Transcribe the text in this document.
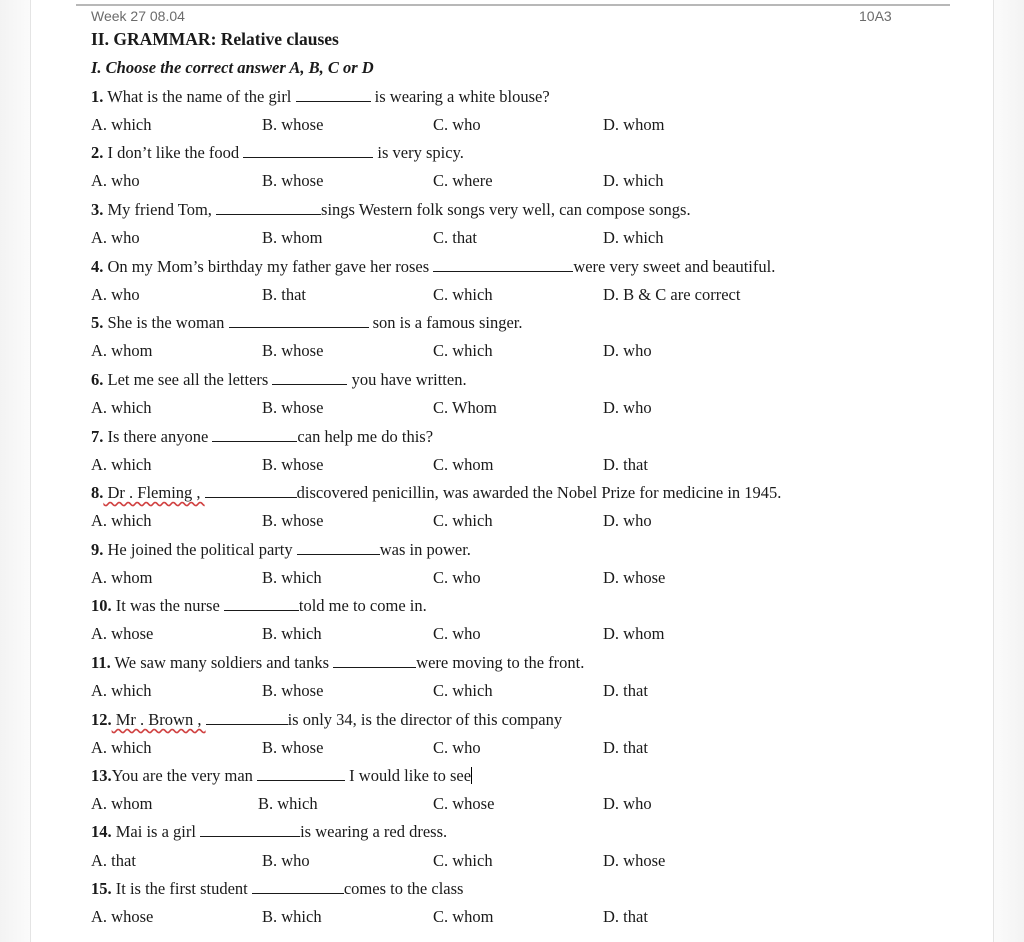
Week 27 08.04	10A3
II. GRAMMAR: Relative clauses
I. Choose the correct answer A, B, C or D
1. What is the name of the girl	is wearing a white blouse?
A. which	B. whose	C. who	D. whom
2. I don’t like the food	is very spicy.
A. who	B. whose	C. where	D. which
3. My friend Tom,	sings Western folk songs very well, can compose songs.
A. who	B. whom	C. that	D. which
4. On my Mom’s birthday my father gave her roses	were very sweet and beautiful.
A. who	B. that	C. which	D. B & C are correct
5. She is the woman	son is a famous singer.
A. whom	B. whose	C. which	D. who
6. Let me see all the letters	you have written.
A. which	B. whose	C. Whom	D. who
7. Is there anyone	can help me do this?
A. which	B. whose	C. whom	D. that
8. Dr . Fleming ,	discovered penicillin, was awarded the Nobel Prize for medicine in 1945.
A. which	B. whose	C. which	D. who
9. He joined the political party	was in power.
A. whom	B. which	C. who	D. whose
10. It was the nurse	told me to come in.
A. whose	B. which	C. who	D. whom
11. We saw many soldiers and tanks	were moving to the front.
A. which	B. whose	C. which	D. that
12. Mr . Brown ,	is only 34, is the director of this company
A. which	B. whose	C. who	D. that
13.You are the very man	I would like to see
A. whom	B. which	C. whose	D. who
14. Mai is a girl	is wearing a red dress.
A. that	B. who	C. which	D. whose
15. It is the first student	comes to the class
A. whose	B. which	C. whom	D. that
